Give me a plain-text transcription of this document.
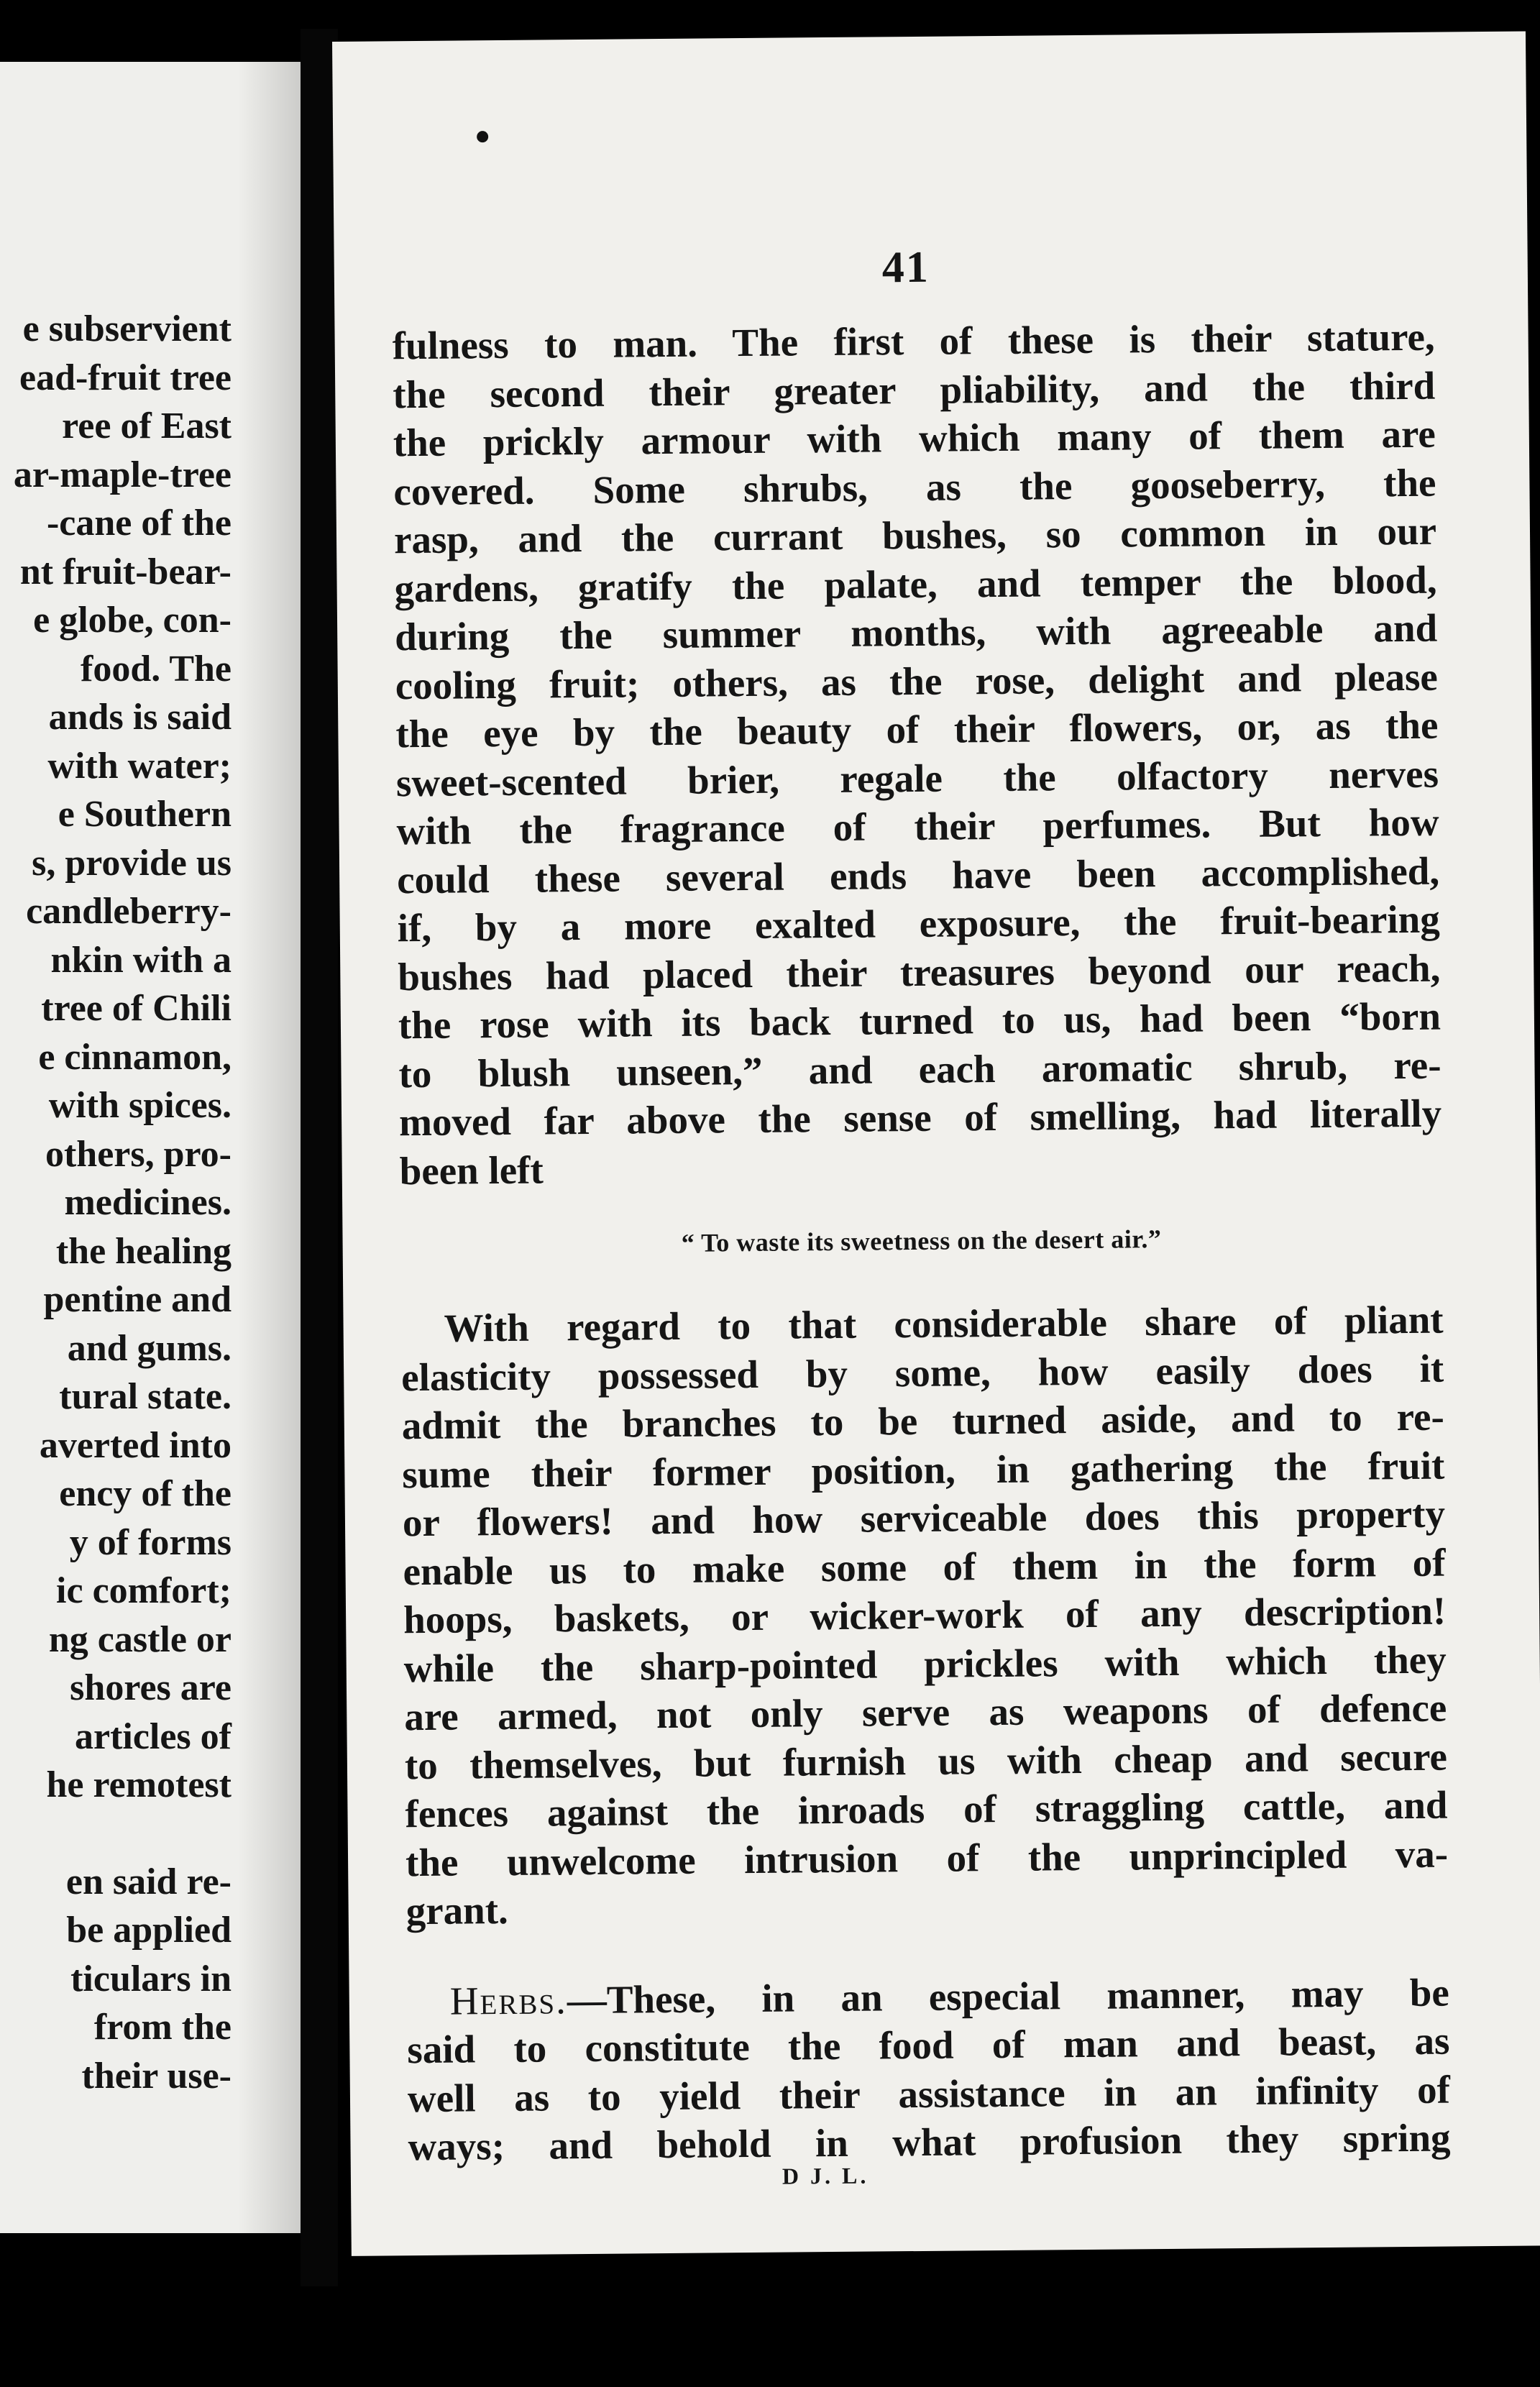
e subservient
ead-fruit tree
ree of East
ar-maple-tree
-cane of the
nt fruit-bear-
e globe, con-
food. The
ands is said
with water;
e Southern
s, provide us
candleberry-
nkin with a
tree of Chili
e cinnamon,
with spices.
others, pro-
medicines.
the healing
pentine and
and gums.
tural state.
averted into
ency of the
y of forms
ic comfort;
ng castle or
shores are
articles of
he remotest
en said re-
be applied
ticulars in
from the
their use-
41
fulness to man. The first of these is their stature,
the second their greater pliability, and the third
the prickly armour with which many of them are
covered. Some shrubs, as the gooseberry, the
rasp, and the currant bushes, so common in our
gardens, gratify the palate, and temper the blood,
during the summer months, with agreeable and
cooling fruit; others, as the rose, delight and please
the eye by the beauty of their flowers, or, as the
sweet-scented brier, regale the olfactory nerves
with the fragrance of their perfumes. But how
could these several ends have been accomplished,
if, by a more exalted exposure, the fruit-bearing
bushes had placed their treasures beyond our reach,
the rose with its back turned to us, had been “born
to blush unseen,” and each aromatic shrub, re-
moved far above the sense of smelling, had literally
been left
“ To waste its sweetness on the desert air.”
With regard to that considerable share of pliant
elasticity possessed by some, how easily does it
admit the branches to be turned aside, and to re-
sume their former position, in gathering the fruit
or flowers! and how serviceable does this property
enable us to make some of them in the form of
hoops, baskets, or wicker-work of any description!
while the sharp-pointed prickles with which they
are armed, not only serve as weapons of defence
to themselves, but furnish us with cheap and secure
fences against the inroads of straggling cattle, and
the unwelcome intrusion of the unprincipled va-
grant.
Herbs.—These, in an especial manner, may be
said to constitute the food of man and beast, as
well as to yield their assistance in an infinity of
ways; and behold in what profusion they spring
D J. L.
